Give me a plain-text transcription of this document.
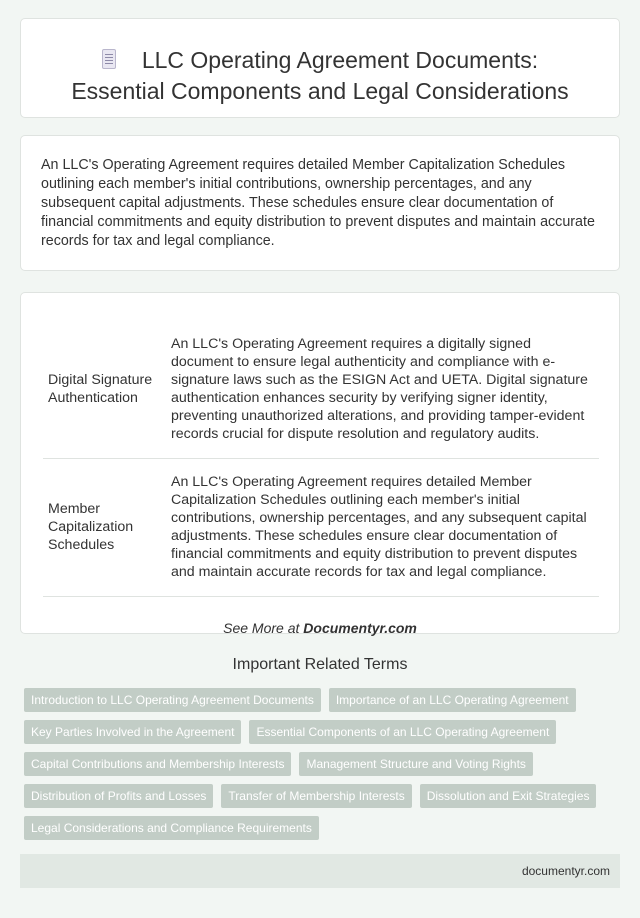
LLC Operating Agreement Documents:
Essential Components and Legal Considerations

An LLC's Operating Agreement requires detailed Member Capitalization Schedules outlining each member's initial contributions, ownership percentages, and any subsequent capital adjustments. These schedules ensure clear documentation of financial commitments and equity distribution to prevent disputes and maintain accurate records for tax and legal compliance.

Digital Signature Authentication	An LLC's Operating Agreement requires a digitally signed document to ensure legal authenticity and compliance with e-signature laws such as the ESIGN Act and UETA. Digital signature authentication enhances security by verifying signer identity, preventing unauthorized alterations, and providing tamper-evident records crucial for dispute resolution and regulatory audits.
Member Capitalization Schedules	An LLC's Operating Agreement requires detailed Member Capitalization Schedules outlining each member's initial contributions, ownership percentages, and any subsequent capital adjustments. These schedules ensure clear documentation of financial commitments and equity distribution to prevent disputes and maintain accurate records for tax and legal compliance.
See More at Documentyr.com
Important Related Terms
Introduction to LLC Operating Agreement Documents	Importance of an LLC Operating Agreement
Key Parties Involved in the Agreement	Essential Components of an LLC Operating Agreement
Capital Contributions and Membership Interests	Management Structure and Voting Rights
Distribution of Profits and Losses	Transfer of Membership Interests	Dissolution and Exit Strategies
Legal Considerations and Compliance Requirements
documentyr.com
